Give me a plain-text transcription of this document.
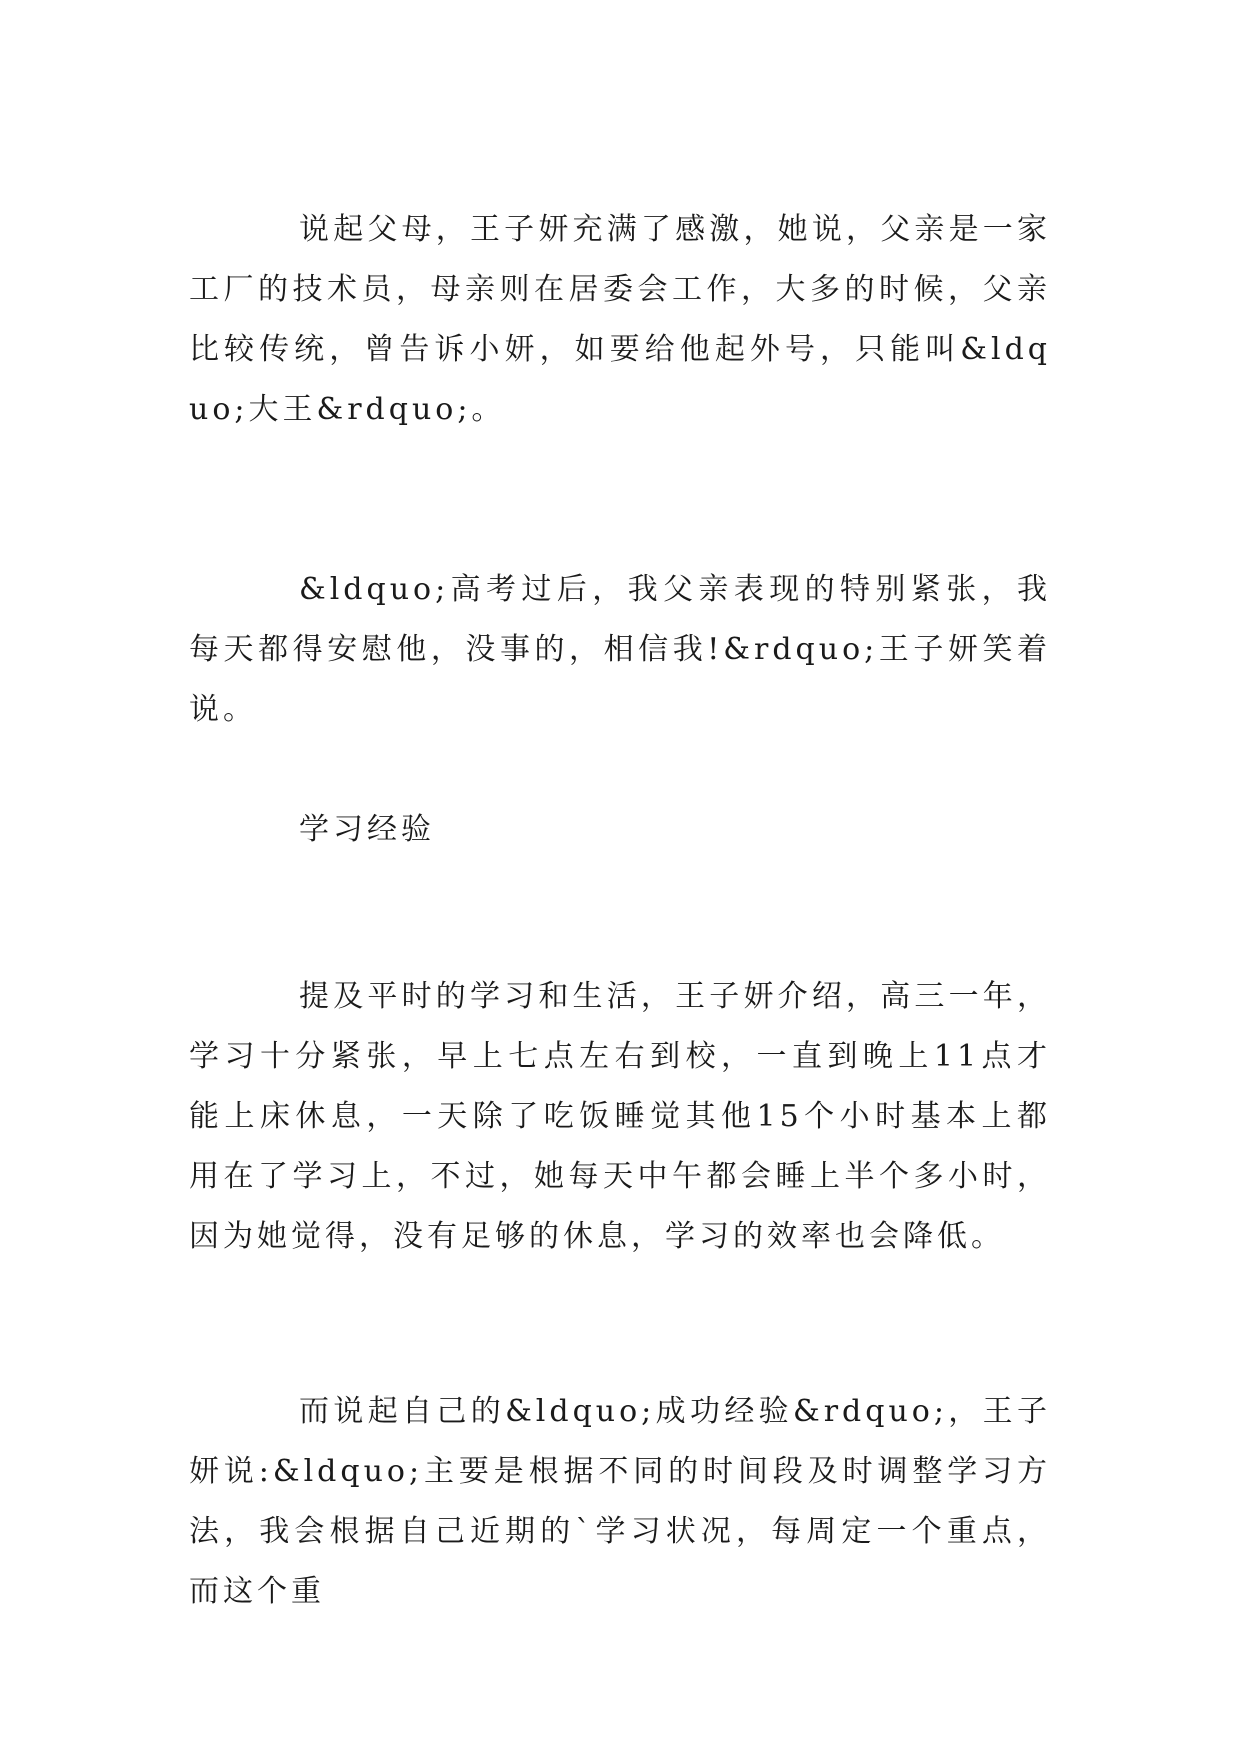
说起父母，王子妍充满了感激，她说，父亲是一家工厂的技术员，母亲则在居委会工作，大多的时候，父亲比较传统，曾告诉小妍，如要给他起外号，只能叫&ldquo;大王&rdquo;。

&ldquo;高考过后，我父亲表现的特别紧张，我每天都得安慰他，没事的，相信我!&rdquo;王子妍笑着说。

学习经验

提及平时的学习和生活，王子妍介绍，高三一年，学习十分紧张，早上七点左右到校，一直到晚上11点才能上床休息，一天除了吃饭睡觉其他15个小时基本上都用在了学习上，不过，她每天中午都会睡上半个多小时，因为她觉得，没有足够的休息，学习的效率也会降低。

而说起自己的&ldquo;成功经验&rdquo;，王子妍说:&ldquo;主要是根据不同的时间段及时调整学习方法，我会根据自己近期的`学习状况，每周定一个重点，而这个重
